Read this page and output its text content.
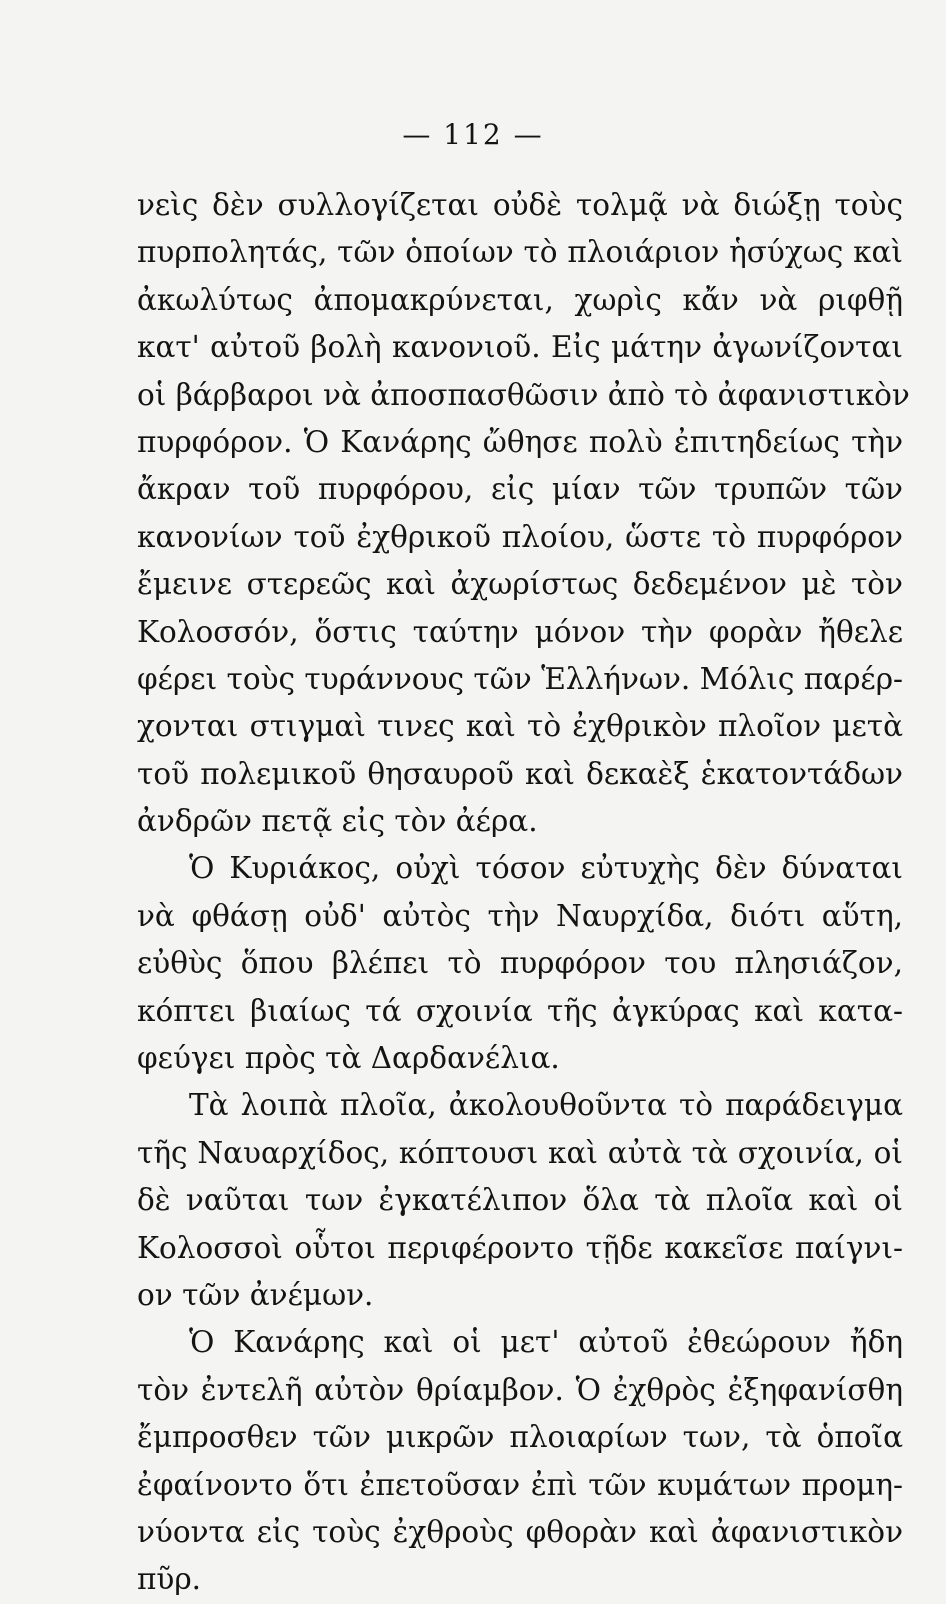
— 112 —
νεὶς δὲν συλλογίζεται οὐδὲ τολμᾷ νὰ διώξῃ τοὺς
πυρπολητάς, τῶν ὁποίων τὸ πλοιάριον ἡσύχως καὶ
ἀκωλύτως ἀπομακρύνεται, χωρὶς κἄν νὰ ριφθῇ
κατ' αὐτοῦ βολὴ κανονιοῦ. Εἰς μάτην ἀγωνίζονται
οἱ βάρβαροι νὰ ἀποσπασθῶσιν ἀπὸ τὸ ἀφανιστικὸν
πυρφόρον. Ὁ Κανάρης ὤθησε πολὺ ἐπιτηδείως τὴν
ἄκραν τοῦ πυρφόρου, εἰς μίαν τῶν τρυπῶν τῶν
κανονίων τοῦ ἐχθρικοῦ πλοίου, ὥστε τὸ πυρφόρον
ἔμεινε στερεῶς καὶ ἀχωρίστως δεδεμένον μὲ τὸν
Κολοσσόν, ὅστις ταύτην μόνον τὴν φορὰν ἤθελε
φέρει τοὺς τυράννους τῶν Ἑλλήνων. Μόλις παρέρ-
χονται στιγμαὶ τινες καὶ τὸ ἐχθρικὸν πλοῖον μετὰ
τοῦ πολεμικοῦ θησαυροῦ καὶ δεκαὲξ ἑκατοντάδων
ἀνδρῶν πετᾷ εἰς τὸν ἀέρα.
Ὁ Κυριάκος, οὐχὶ τόσον εὐτυχὴς δὲν δύναται
νὰ φθάσῃ οὐδ' αὐτὸς τὴν Ναυρχίδα, διότι αὕτη,
εὐθὺς ὅπου βλέπει τὸ πυρφόρον του πλησιάζον,
κόπτει βιαίως τά σχοινία τῆς ἀγκύρας καὶ κατα-
φεύγει πρὸς τὰ Δαρδανέλια.
Τὰ λοιπὰ πλοῖα, ἀκολουθοῦντα τὸ παράδειγμα
τῆς Ναυαρχίδος, κόπτουσι καὶ αὐτὰ τὰ σχοινία, οἱ
δὲ ναῦται των ἐγκατέλιπον ὅλα τὰ πλοῖα καὶ οἱ
Κολοσσοὶ οὗτοι περιφέροντο τῇδε κακεῖσε παίγνι-
ον τῶν ἀνέμων.
Ὁ Κανάρης καὶ οἱ μετ' αὐτοῦ ἐθεώρουν ἤδη
τὸν ἐντελῆ αὐτὸν θρίαμβον. Ὁ ἐχθρὸς ἐξηφανίσθη
ἔμπροσθεν τῶν μικρῶν πλοιαρίων των, τὰ ὁποῖα
ἐφαίνοντο ὅτι ἐπετοῦσαν ἐπὶ τῶν κυμάτων προμη-
νύοντα εἰς τοὺς ἐχθροὺς φθορὰν καὶ ἀφανιστικὸν
πῦρ.
